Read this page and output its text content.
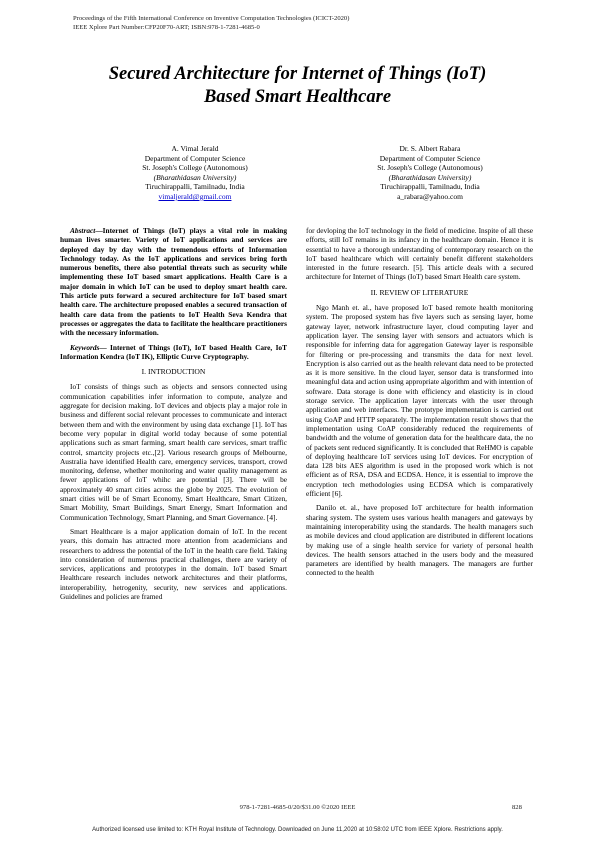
Proceedings of the Fifth International Conference on Inventive Computation Technologies (ICICT-2020)
IEEE Xplore Part Number:CFP20F70-ART; ISBN:978-1-7281-4685-0
Secured Architecture for Internet of Things (IoT)
Based Smart Healthcare
A. Vimal Jerald
Department of Computer Science
St. Joseph's College (Autonomous)
(Bharathidasan University)
Tiruchirappalli, Tamilnadu, India
vimaljerald@gmail.com
Dr. S. Albert Rabara
Department of Computer Science
St. Joseph's College (Autonomous)
(Bharathidasan University)
Tiruchirappalli, Tamilnadu, India
a_rabara@yahoo.com

Abstract—Internet of Things (IoT) plays a vital role in making human lives smarter. Variety of IoT applications and services are deployed day by day with the tremendous efforts of Information Technology today. As the IoT applications and services bring forth numerous benefits, there also potential threats such as security while implementing these IoT based smart applications. Health Care is a major domain in which IoT can be used to deploy smart health care. This article puts forward a secured architecture for IoT based smart health care. The architecture proposed enables a secured transaction of health care data from the patients to IoT Health Seva Kendra that processes or aggregates the data to facilitate the healthcare practitioners with the necessary information.

Keywords— Internet of Things (IoT), IoT based Health Care, IoT Information Kendra (IoT IK), Elliptic Curve Cryptography.

I. INTRODUCTION

IoT consists of things such as objects and sensors connected using communication capabilities infer information to compute, analyze and aggregate for decision making. IoT devices and objects play a major role in business and different social relevant processes to communicate and interact between them and with the environment by using data exchange [1]. IoT has become very popular in digital world today because of some potential applications such as smart farming, smart health care services, smart traffic control, smartcity projects etc.,[2]. Various research groups of Melbourne, Australia have identified Health care, emergency services, transport, crowd monitoring, defense, whether monitoring and water quality management as fewer applications of IoT whihc are potential [3]. There will be approximately 40 smart cities across the globe by 2025. The evolution of smart cities will be of Smart Economy, Smart Healthcare, Smart Citizen, Smart Mobility, Smart Buildings, Smart Energy, Smart Information and Communication Technology, Smart Planning, and Smart Governance. [4].

Smart Healthcare is a major application domain of IoT. In the recent years, this domain has attracted more attention from academicians and researchers to address the potential of the IoT in the health care field. Taking into consideration of numerous practical challenges, there are variety of services, applications and prototypes in the domain. IoT based Smart Healthcare research includes network architectures and their platforms, interoperability, hetrogenity, security, new services and applications. Guidelines and policies are framed

for devloping the IoT technology in the field of medicine. Inspite of all these efforts, still IoT remains in its infancy in the healthcare domain. Hence it is essential to have a thorough understanding of contemporary research on the IoT based healthcare which will certainly benefit different stakeholders interested in the future research. [5]. This article deals with a secured architecture for Internet of Things (IoT) based Smart Health care system.

II. REVIEW OF LITERATURE

Ngo Manh et. al., have proposed IoT based remote health monitoring system. The proposed system has five layers such as sensing layer, home gateway layer, network infrastructure layer, cloud computing layer and application layer. The sensing layer with sensors and actuators which is responsible for inferring data for aggregation Gateway layer is responsible for filtering or pre-processing and transmits the data for next level. Encryption is also carried out as the health relevant data need to be protected as it is more sensitive. In the cloud layer, sensor data is transformed into meaningful data and action using appropriate algorithm and with intention of software. Data storage is done with efficiency and elasticity is in cloud storage service. The application layer intercats with the user through application and web interfaces. The prototype implementation is carried out using CoAP and HTTP separately. The implementation result shows that the implementation using CoAP considerably reduced the requirements of bandwidth and the volume of generation data for the healthcare data, the no of packets sent reduced significantly. It is concluded that ReHMO is capable of deploying healthcare IoT services using IoT devices. For encryption of data 128 bits AES algorithm is used in the proposed work which is not efficient as of RSA, DSA and ECDSA. Hence, it is essential to improve the encryption tech methodologies using ECDSA which is comparatively efficient [6].

Danilo et. al., have proposed IoT architecture for health information sharing system. The system uses various health managers and gateways by maintaining interoperability using the standards. The health managers such as mobile devices and cloud application are distributed in different locations by making use of a single health service for variety of personal health devices. The health sensors attached in the users body and the measured parameters are identified by health managers. The managers are further connected to the health

978-1-7281-4685-0/20/$31.00 ©2020 IEEE	828
Authorized licensed use limited to: KTH Royal Institute of Technology. Downloaded on June 11,2020 at 10:58:02 UTC from IEEE Xplore. Restrictions apply.
